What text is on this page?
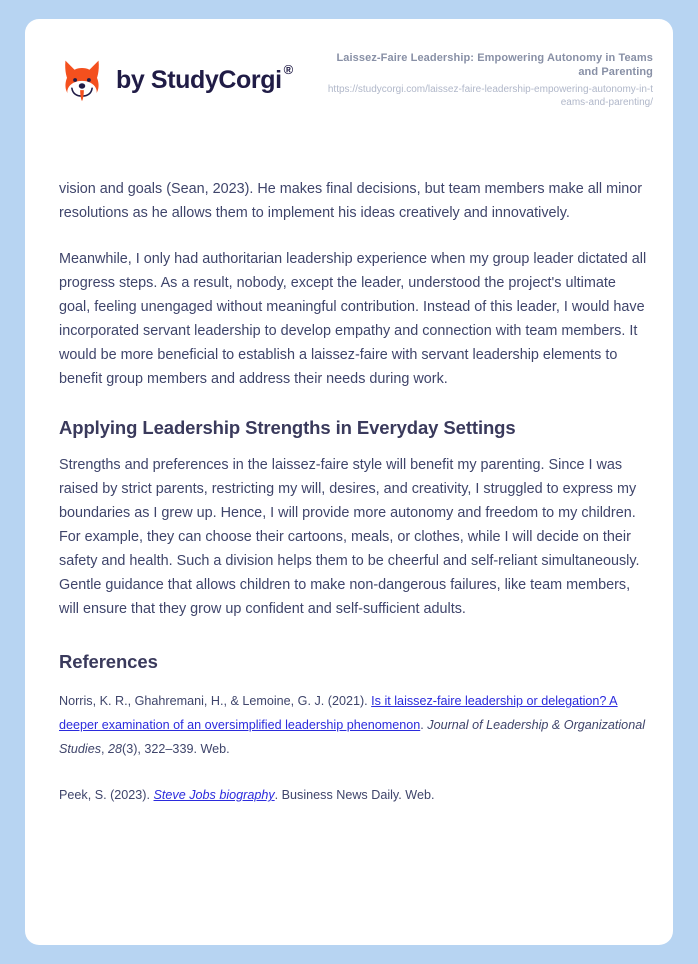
by StudyCorgi ®
Laissez-Faire Leadership: Empowering Autonomy in Teams and Parenting
https://studycorgi.com/laissez-faire-leadership-empowering-autonomy-in-teams-and-parenting/

vision and goals (Sean, 2023). He makes final decisions, but team members make all minor resolutions as he allows them to implement his ideas creatively and innovatively.

Meanwhile, I only had authoritarian leadership experience when my group leader dictated all progress steps. As a result, nobody, except the leader, understood the project's ultimate goal, feeling unengaged without meaningful contribution. Instead of this leader, I would have incorporated servant leadership to develop empathy and connection with team members. It would be more beneficial to establish a laissez-faire with servant leadership elements to benefit group members and address their needs during work.

Applying Leadership Strengths in Everyday Settings

Strengths and preferences in the laissez-faire style will benefit my parenting. Since I was raised by strict parents, restricting my will, desires, and creativity, I struggled to express my boundaries as I grew up. Hence, I will provide more autonomy and freedom to my children. For example, they can choose their cartoons, meals, or clothes, while I will decide on their safety and health. Such a division helps them to be cheerful and self-reliant simultaneously. Gentle guidance that allows children to make non-dangerous failures, like team members, will ensure that they grow up confident and self-sufficient adults.

References

Norris, K. R., Ghahremani, H., & Lemoine, G. J. (2021). Is it laissez-faire leadership or delegation? A deeper examination of an oversimplified leadership phenomenon. Journal of Leadership & Organizational Studies, 28(3), 322–339. Web.

Peek, S. (2023). Steve Jobs biography. Business News Daily. Web.
